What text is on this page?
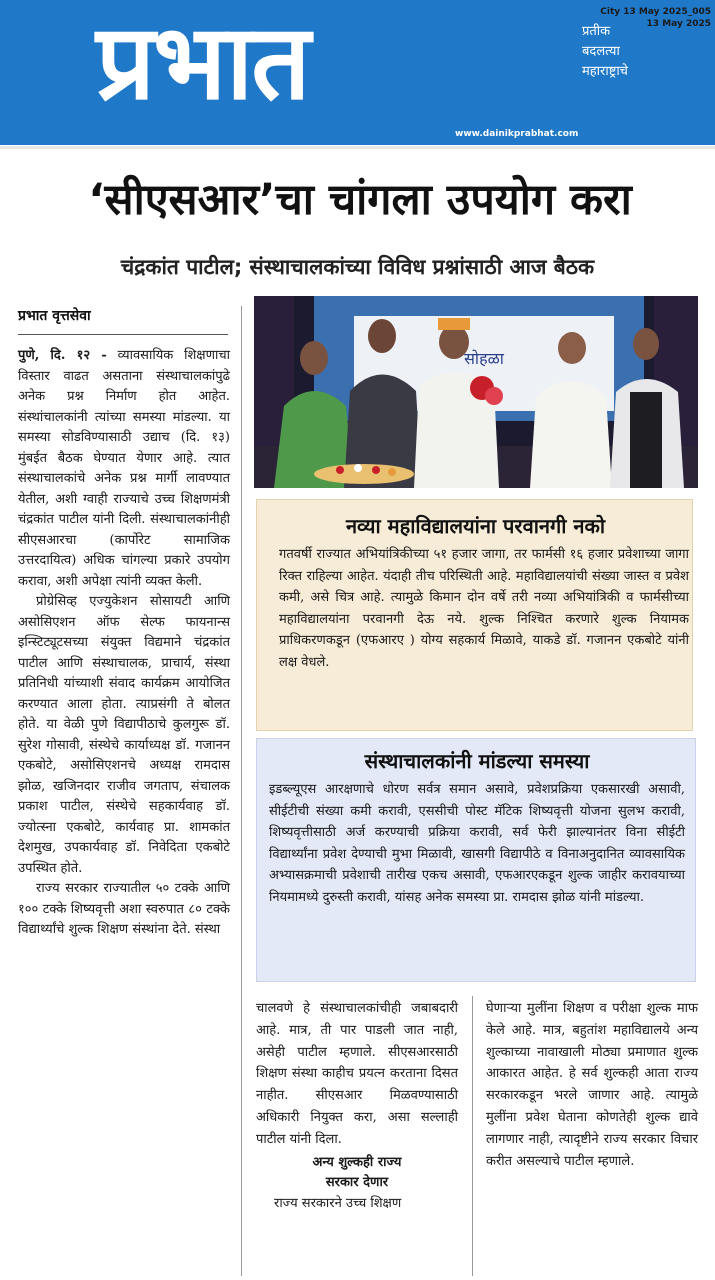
प्रभात	प्रतीक
बदलत्या
महाराष्ट्राचे
www.dainikprabhat.com
City 13 May 2025_005
13 May 2025
‘सीएसआर’चा चांगला उपयोग करा
चंद्रकांत पाटील; संस्थाचालकांच्या विविध प्रश्नांसाठी आज बैठक
प्रभात वृत्तसेवा

पुणे, दि. १२ - व्यावसायिक शिक्षणाचा विस्तार वाढत असताना संस्थाचालकांपुढे अनेक प्रश्न निर्माण होत आहेत. संस्थांचालकांनी त्यांच्या समस्या मांडल्या. या समस्या सोडविण्यासाठी उद्याच (दि. १३) मुंबईत बैठक घेण्यात येणार आहे. त्यात संस्थाचालकांचे अनेक प्रश्न मार्गी लावण्यात येतील, अशी ग्वाही राज्याचे उच्च शिक्षणमंत्री चंद्रकांत पाटील यांनी दिली. संस्थाचालकांनीही सीएसआरचा (कार्पोरेट सामाजिक उत्तरदायित्व) अधिक चांगल्या प्रकारे उपयोग करावा, अशी अपेक्षा त्यांनी व्यक्त केली.

प्रोग्रेसिव्ह एज्युकेशन सोसायटी आणि असोसिएशन ऑफ सेल्फ फायनान्स इन्स्टिट्यूटसच्या संयुक्त विद्यमाने चंद्रकांत पाटील आणि संस्थाचालक, प्राचार्य, संस्था प्रतिनिधी यांच्याशी संवाद कार्यक्रम आयोजित करण्यात आला होता. त्याप्रसंगी ते बोलत होते. या वेळी पुणे विद्यापीठाचे कुलगुरू डॉ. सुरेश गोसावी, संस्थेचे कार्याध्यक्ष डॉ. गजानन एकबोटे, असोसिएशनचे अध्यक्ष रामदास झोळ, खजिनदार राजीव जगताप, संचालक प्रकाश पाटील, संस्थेचे सहकार्यवाह डॉ. ज्योत्स्ना एकबोटे, कार्यवाह प्रा. शामकांत देशमुख, उपकार्यवाह डॉ. निवेदिता एकबोटे उपस्थित होते.

राज्य सरकार राज्यातील ५० टक्के आणि १०० टक्के शिष्यवृत्ती अशा स्वरुपात ८० टक्के विद्यार्थ्यांचे शुल्क शिक्षण संस्थांना देते. संस्था

सोहळा
नव्या महाविद्यालयांना परवानगी नको
गतवर्षी राज्यात अभियांत्रिकीच्या ५१ हजार जागा, तर फार्मसी १६ हजार प्रवेशाच्या जागा रिक्त राहिल्या आहेत. यंदाही तीच परिस्थिती आहे. महाविद्यालयांची संख्या जास्त व प्रवेश कमी, असे चित्र आहे. त्यामुळे किमान दोन वर्षे तरी नव्या अभियांत्रिकी व फार्मसीच्या महाविद्यालयांना परवानगी देऊ नये. शुल्क निश्चित करणारे शुल्क नियामक प्राधिकरणकडून (एफआरए ) योग्य सहकार्य मिळावे, याकडे डॉ. गजानन एकबोटे यांनी लक्ष वेधले.
संस्थाचालकांनी मांडल्या समस्या
इडब्ल्यूएस आरक्षणाचे धोरण सर्वत्र समान असावे, प्रवेशप्रक्रिया एकसारखी असावी, सीईटीची संख्या कमी करावी, एससीची पोस्ट मॅटिक शिष्यवृत्ती योजना सुलभ करावी, शिष्यवृत्तीसाठी अर्ज करण्याची प्रक्रिया करावी, सर्व फेरी झाल्यानंतर विना सीईटी विद्यार्थ्यांना प्रवेश देण्याची मुभा मिळावी, खासगी विद्यापीठे व विनाअनुदानित व्यावसायिक अभ्यासक्रमाची प्रवेशाची तारीख एकच असावी, एफआरएकडून शुल्क जाहीर करावयाच्या नियमामध्ये दुरुस्ती करावी, यांसह अनेक समस्या प्रा. रामदास झोळ यांनी मांडल्या.

चालवणे हे संस्थाचालकांचीही जबाबदारी आहे. मात्र, ती पार पाडली जात नाही, असेही पाटील म्हणाले. सीएसआरसाठी शिक्षण संस्था काहीच प्रयत्न करताना दिसत नाहीत. सीएसआर मिळवण्यासाठी अधिकारी नियुक्त करा, असा सल्लाही पाटील यांनी दिला.

अन्य शुल्कही राज्य
सरकार देणार

राज्य सरकारने उच्च शिक्षण

घेणाऱ्या मुलींना शिक्षण व परीक्षा शुल्क माफ केले आहे. मात्र, बहुतांश महाविद्यालये अन्य शुल्काच्या नावाखाली मोठ्या प्रमाणात शुल्क आकारत आहेत. हे सर्व शुल्कही आता राज्य सरकारकडून भरले जाणार आहे. त्यामुळे मुलींना प्रवेश घेताना कोणतेही शुल्क द्यावे लागणार नाही, त्यादृष्टीने राज्य सरकार विचार करीत असल्याचे पाटील म्हणाले.
